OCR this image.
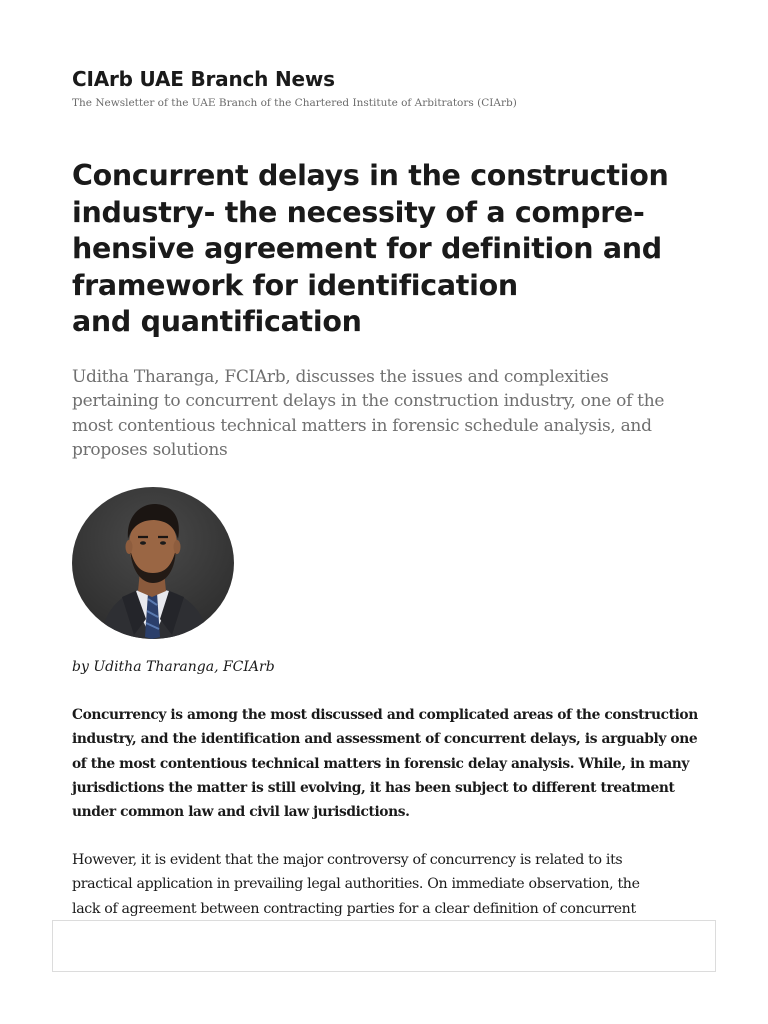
CIArb UAE Branch News

The Newsletter of the UAE Branch of the Chartered Institute of Arbitrators (CIArb)

Concurrent delays in the construction
industry- the necessity of a compre-
hensive agreement for definition and
framework for identification
and quantification

Uditha Tharanga, FCIArb, discusses the issues and complexities
pertaining to concurrent delays in the construction industry, one of the
most contentious technical matters in forensic schedule analysis, and
proposes solutions

by Uditha Tharanga, FCIArb

Concurrency is among the most discussed and complicated areas of the construction
industry, and the identification and assessment of concurrent delays, is arguably one
of the most contentious technical matters in forensic delay analysis. While, in many
jurisdictions the matter is still evolving, it has been subject to different treatment
under common law and civil law jurisdictions.

However, it is evident that the major controversy of concurrency is related to its
practical application in prevailing legal authorities. On immediate observation, the
lack of agreement between contracting parties for a clear definition of concurrent
